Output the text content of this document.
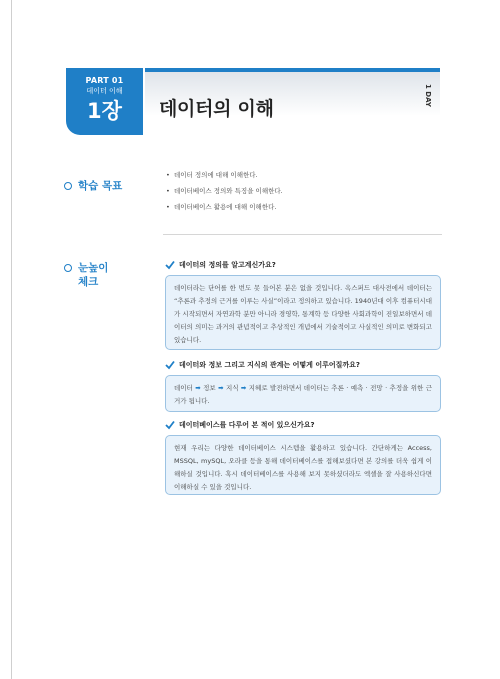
PART 01
데이터 이해
1장	데이터의 이해
1 DAY
학습 목표
• 데이터 정의에 대해 이해한다.
• 데이터베이스 정의와 특징을 이해한다.
• 데이터베이스 활용에 대해 이해한다.
눈높이
체크
데이터의 정의를 알고계신가요?
데이터라는 단어를 한 번도 못 들어본 분은 없을 것입니다. 옥스퍼드 대사전에서 데이터는 “추론과 추정의 근거를 이루는 사실”이라고 정의하고 있습니다. 1940년대 이후 컴퓨터시대가 시작되면서 자연과학 분만 아니라 경영학, 통계학 등 다양한 사회과학이 진일보하면서 데이터의 의미는 과거의 관념적이고 추상적인 개념에서 기술적이고 사실적인 의미로 변화되고 있습니다.
데이터와 정보 그리고 지식의 관계는 어떻게 이루어질까요?
데이터 ➡ 정보 ➡ 지식 ➡ 지혜로 발전하면서 데이터는 추론 · 예측 · 전망 · 추정을 위한 근거가 됩니다.
데이터베이스를 다루어 본 적이 있으신가요?
현재 우리는 다양한 데이터베이스 시스템을 활용하고 있습니다. 간단하게는 Access, MSSQL, mySQL, 오라클 등을 통해 데이터베이스를 접해보셨다면 본 강의를 더욱 쉽게 이해하실 것입니다. 혹시 데이터베이스를 사용해 보지 못하셨더라도 엑셀을 잘 사용하신다면 이해하실 수 있을 것입니다.
